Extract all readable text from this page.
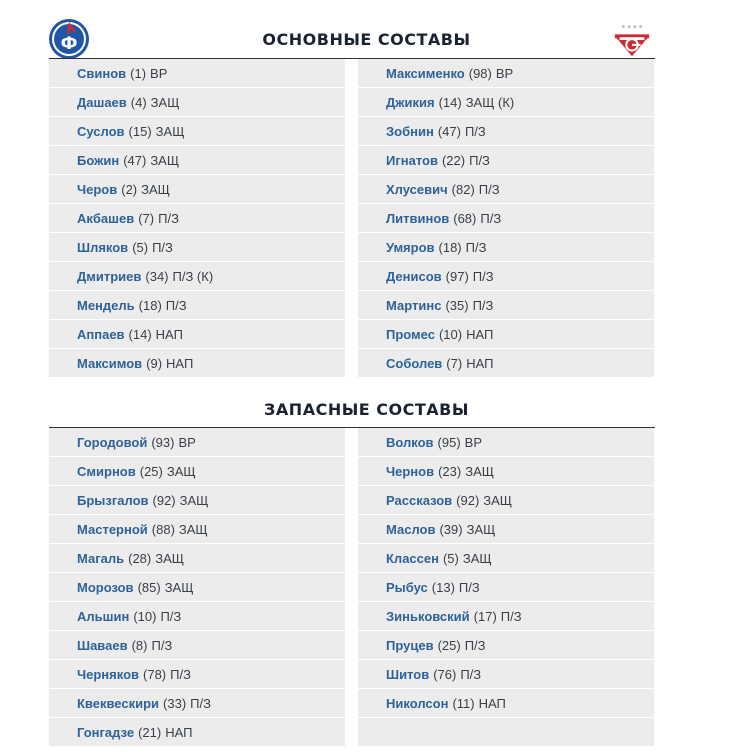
Ф	ОСНОВНЫЕ СОСТАВЫ
Свинов (1) ВР
Дашаев (4) ЗАЩ
Суслов (15) ЗАЩ
Божин (47) ЗАЩ
Черов (2) ЗАЩ
Акбашев (7) П/З
Шляков (5) П/З
Дмитриев (34) П/З (К)
Мендель (18) П/З
Аппаев (14) НАП
Максимов (9) НАП
Максименко (98) ВР
Джикия (14) ЗАЩ (К)
Зобнин (47) П/З
Игнатов (22) П/З
Хлусевич (82) П/З
Литвинов (68) П/З
Умяров (18) П/З
Денисов (97) П/З
Мартинс (35) П/З
Промес (10) НАП
Соболев (7) НАП
ЗАПАСНЫЕ СОСТАВЫ
Городовой (93) ВР
Смирнов (25) ЗАЩ
Брызгалов (92) ЗАЩ
Мастерной (88) ЗАЩ
Магаль (28) ЗАЩ
Морозов (85) ЗАЩ
Альшин (10) П/З
Шаваев (8) П/З
Черняков (78) П/З
Квеквескири (33) П/З
Гонгадзе (21) НАП
Волков (95) ВР
Чернов (23) ЗАЩ
Рассказов (92) ЗАЩ
Маслов (39) ЗАЩ
Классен (5) ЗАЩ
Рыбус (13) П/З
Зиньковский (17) П/З
Пруцев (25) П/З
Шитов (76) П/З
Николсон (11) НАП
